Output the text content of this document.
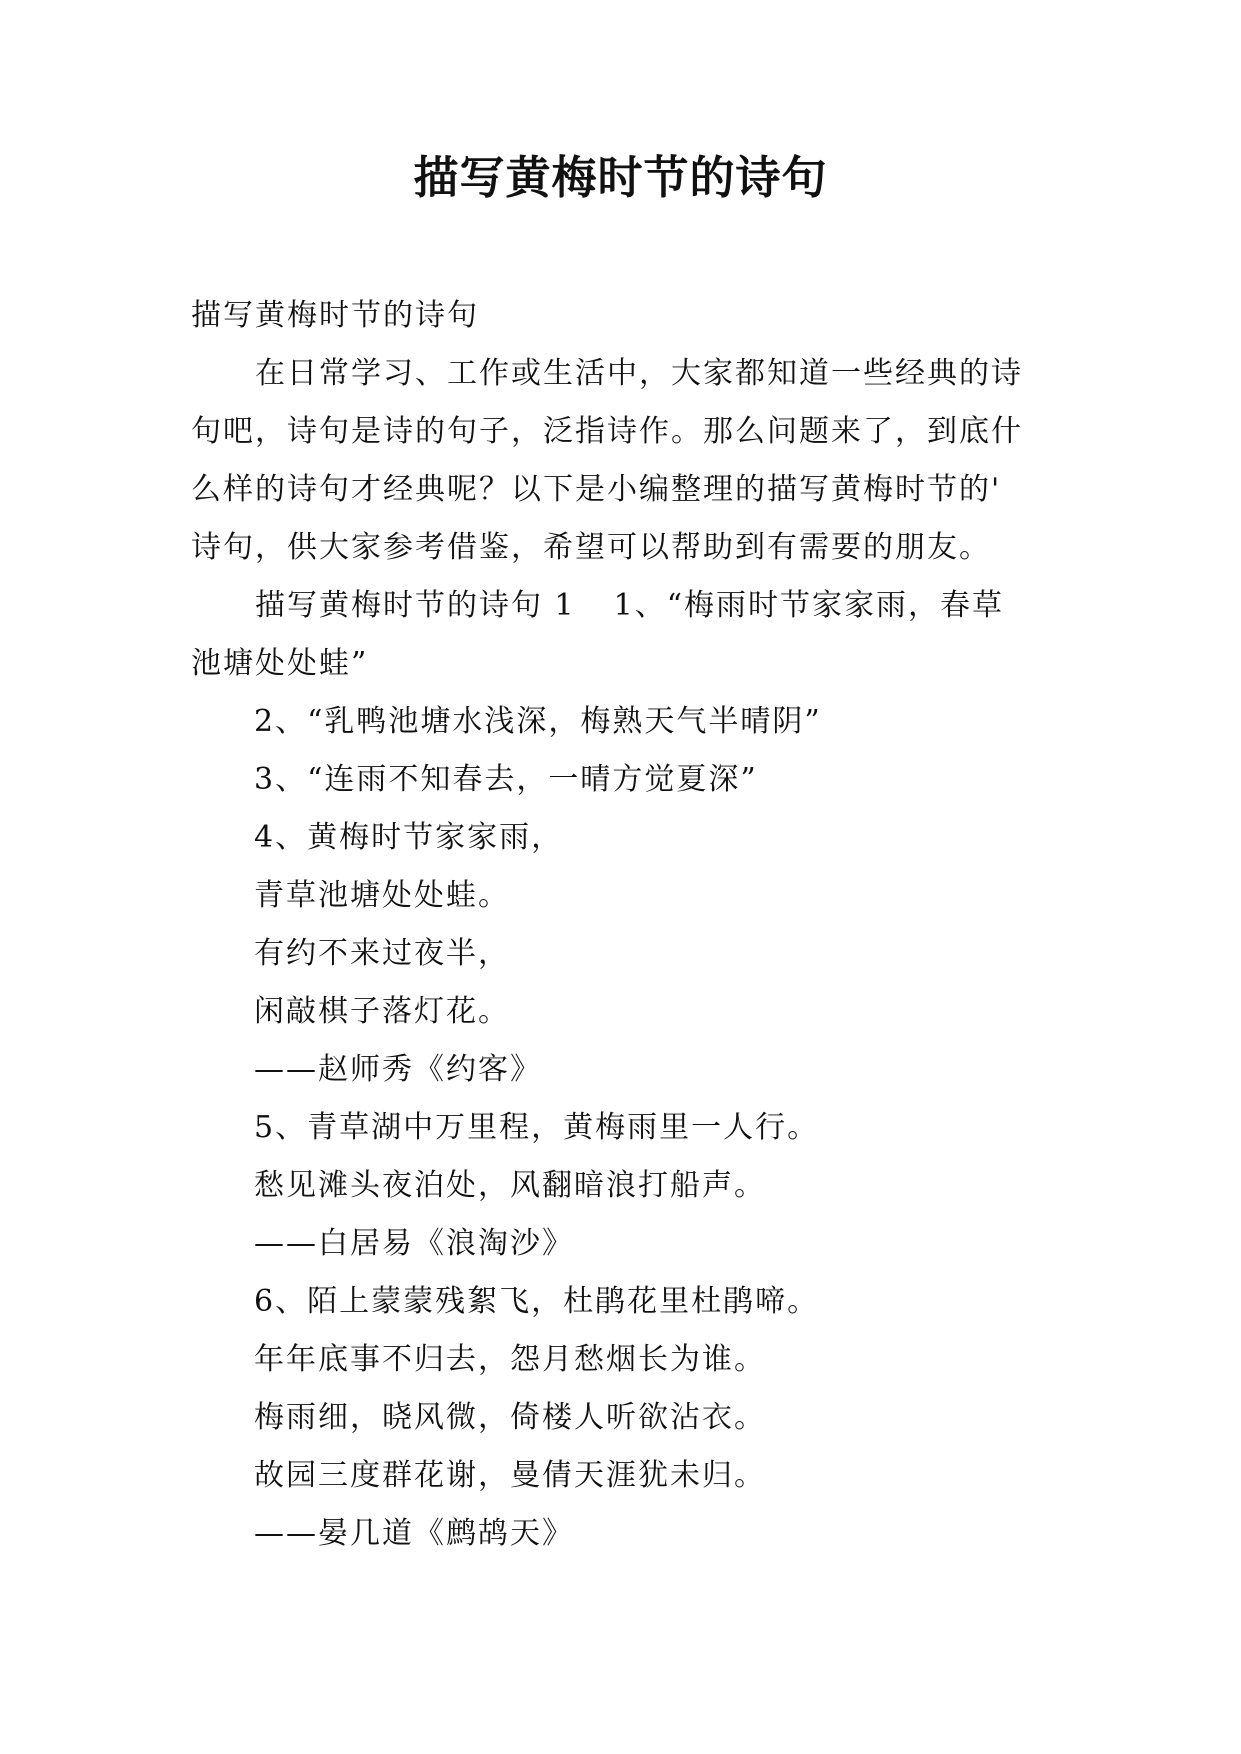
描写黄梅时节的诗句
描写黄梅时节的诗句
在日常学习、工作或生活中，大家都知道一些经典的诗
句吧，诗句是诗的句子，泛指诗作。那么问题来了，到底什
么样的诗句才经典呢？以下是小编整理的描写黄梅时节的'
诗句，供大家参考借鉴，希望可以帮助到有需要的朋友。
描写黄梅时节的诗句 1 1、“梅雨时节家家雨，春草
池塘处处蛙”
2、“乳鸭池塘水浅深，梅熟天气半晴阴”
3、“连雨不知春去，一晴方觉夏深”
4、黄梅时节家家雨，
青草池塘处处蛙。
有约不来过夜半，
闲敲棋子落灯花。
——赵师秀《约客》
5、青草湖中万里程，黄梅雨里一人行。
愁见滩头夜泊处，风翻暗浪打船声。
——白居易《浪淘沙》
6、陌上蒙蒙残絮飞，杜鹃花里杜鹃啼。
年年底事不归去，怨月愁烟长为谁。
梅雨细，晓风微，倚楼人听欲沾衣。
故园三度群花谢，曼倩天涯犹未归。
——晏几道《鹧鸪天》
